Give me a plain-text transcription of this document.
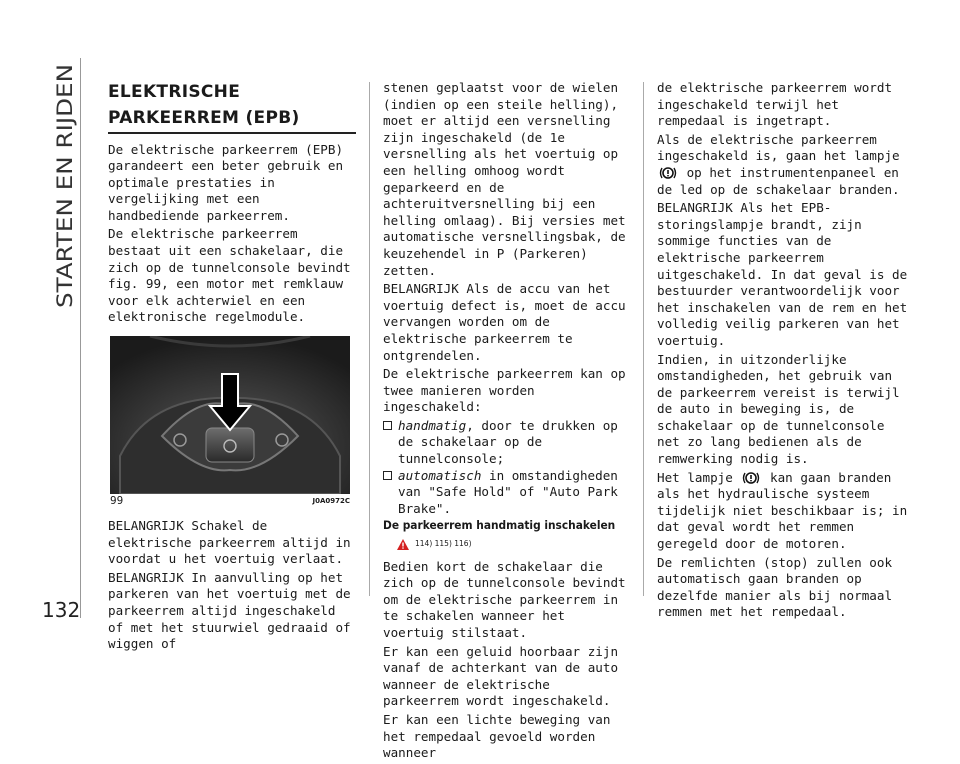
STARTEN EN RIJDEN
132

ELEKTRISCHE

PARKEERREM (EPB)

De elektrische parkeerrem (EPB) garandeert een beter gebruik en optimale prestaties in vergelijking met een handbediende parkeerrem.

De elektrische parkeerrem bestaat uit een schakelaar, die zich op de tunnelconsole bevindt fig. 99, een motor met remklauw voor elk achterwiel en een elektronische regelmodule.

99	J0A0972C

BELANGRIJK Schakel de elektrische parkeerrem altijd in voordat u het voertuig verlaat.

BELANGRIJK In aanvulling op het parkeren van het voertuig met de parkeerrem altijd ingeschakeld of met het stuurwiel gedraaid of wiggen of

stenen geplaatst voor de wielen (indien op een steile helling), moet er altijd een versnelling zijn ingeschakeld (de 1e versnelling als het voertuig op een helling omhoog wordt geparkeerd en de achteruitversnelling bij een helling omlaag). Bij versies met automatische versnellingsbak, de keuzehendel in P (Parkeren) zetten.

BELANGRIJK Als de accu van het voertuig defect is, moet de accu vervangen worden om de elektrische parkeerrem te ontgrendelen.

De elektrische parkeerrem kan op twee manieren worden ingeschakeld:

handmatig, door te drukken op de schakelaar op de tunnelconsole;
automatisch in omstandigheden van "Safe Hold" of "Auto Park Brake".

De parkeerrem handmatig inschakelen

114) 115) 116)

Bedien kort de schakelaar die zich op de tunnelconsole bevindt om de elektrische parkeerrem in te schakelen wanneer het voertuig stilstaat.

Er kan een geluid hoorbaar zijn vanaf de achterkant van de auto wanneer de elektrische parkeerrem wordt ingeschakeld.

Er kan een lichte beweging van het rempedaal gevoeld worden wanneer

de elektrische parkeerrem wordt ingeschakeld terwijl het rempedaal is ingetrapt.

Als de elektrische parkeerrem ingeschakeld is, gaan het lampje  op het instrumentenpaneel en de led op de schakelaar branden.

BELANGRIJK Als het EPB-storingslampje brandt, zijn sommige functies van de elektrische parkeerrem uitgeschakeld. In dat geval is de bestuurder verantwoordelijk voor het inschakelen van de rem en het volledig veilig parkeren van het voertuig.

Indien, in uitzonderlijke omstandigheden, het gebruik van de parkeerrem vereist is terwijl de auto in beweging is, de schakelaar op de tunnelconsole net zo lang bedienen als de remwerking nodig is.

Het lampje	kan gaan branden als het hydraulische systeem tijdelijk niet beschikbaar is; in dat geval wordt het remmen geregeld door de motoren.

De remlichten (stop) zullen ook automatisch gaan branden op dezelfde manier als bij normaal remmen met het rempedaal.
